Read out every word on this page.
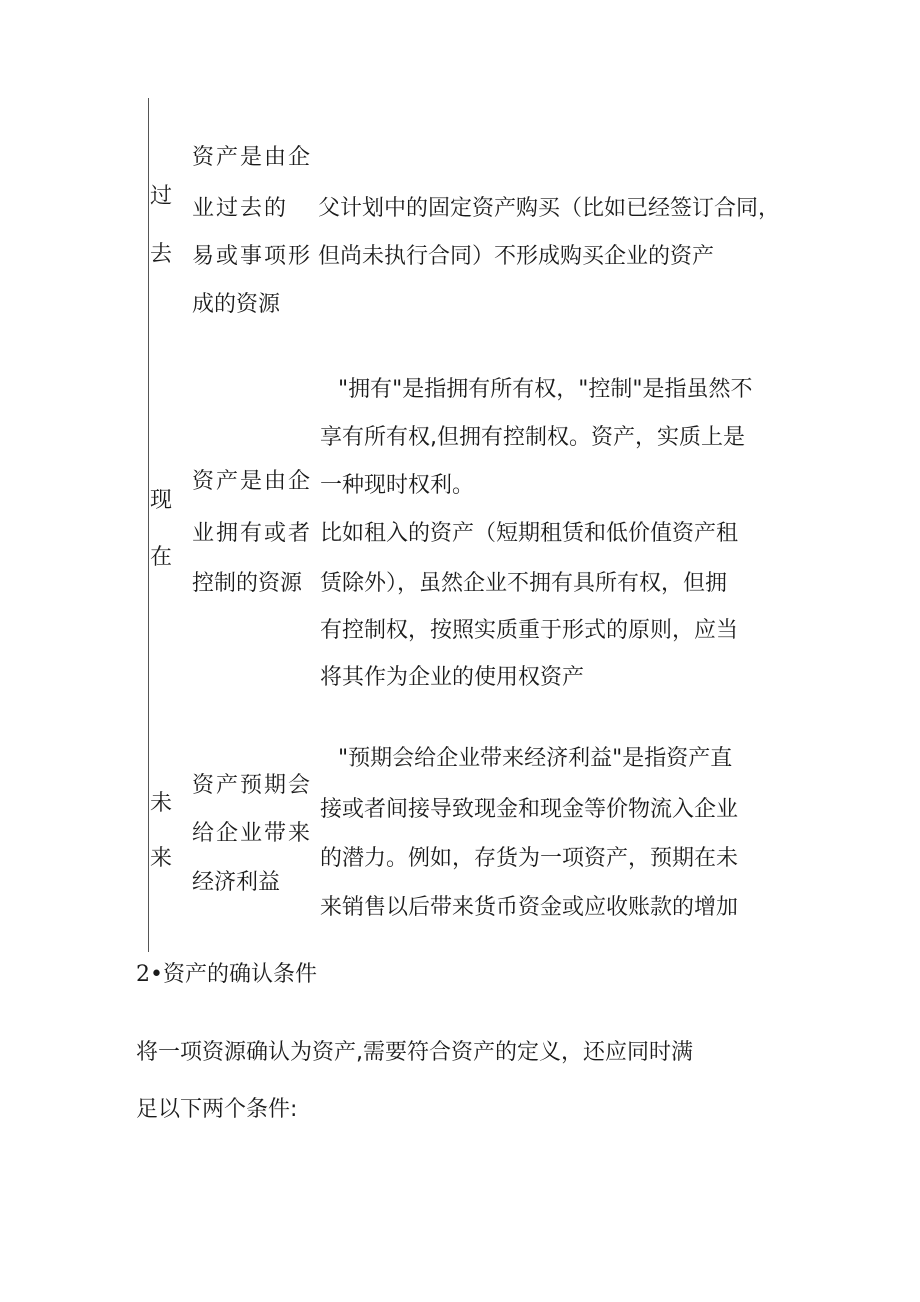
过

去

资产是由企

业过去的

易或事项形

成的资源

父计划中的固定资产购买（比如已经签订合同，

但尚未执行合同）不形成购买企业的资产

现

在

资产是由企

业拥有或者

控制的资源

"拥有"是指拥有所有权，"控制"是指虽然不

享有所有权,但拥有控制权。资产，实质上是

一种现时权利。

比如租入的资产（短期租赁和低价值资产租

赁除外），虽然企业不拥有具所有权，但拥

有控制权，按照实质重于形式的原则，应当

将其作为企业的使用权资产

未

来

资产预期会

给企业带来

经济利益

"预期会给企业带来经济利益"是指资产直

接或者间接导致现金和现金等价物流入企业

的潜力。例如，存货为一项资产，预期在未

来销售以后带来货币资金或应收账款的增加

2•资产的确认条件

将一项资源确认为资产,需要符合资产的定义，还应同时满

足以下两个条件:
